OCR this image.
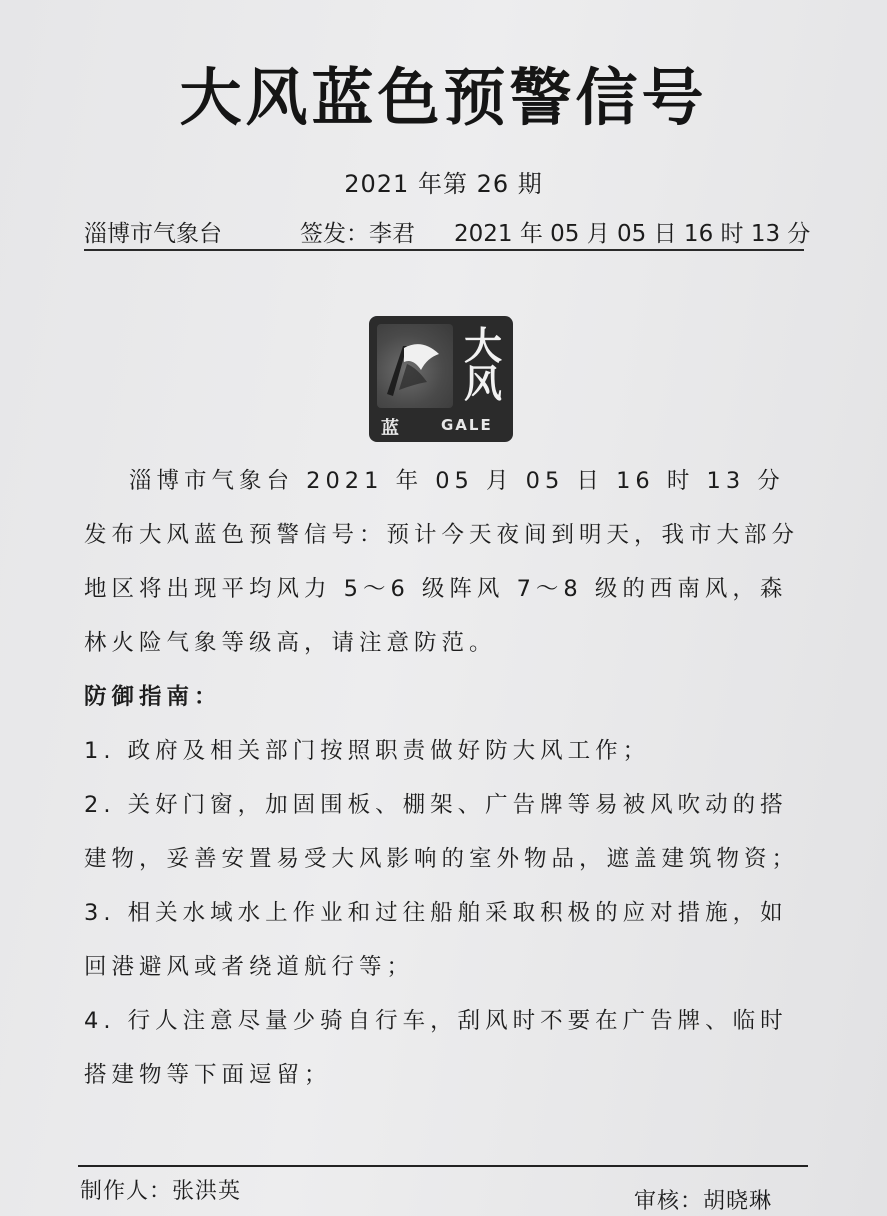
大风蓝色预警信号
2021 年第 26 期
淄博市气象台	签发：李君 2021 年 05 月 05 日 16 时 13 分
大
风
蓝	GALE

淄博市气象台 2021 年 05 月 05 日 16 时 13 分发布大风蓝色预警信号：预计今天夜间到明天，我市大部分地区将出现平均风力 5～6 级阵风 7～8 级的西南风，森林火险气象等级高，请注意防范。

防御指南：

1. 政府及相关部门按照职责做好防大风工作；

2. 关好门窗，加固围板、棚架、广告牌等易被风吹动的搭建物，妥善安置易受大风影响的室外物品，遮盖建筑物资；

3. 相关水域水上作业和过往船舶采取积极的应对措施，如回港避风或者绕道航行等；

4. 行人注意尽量少骑自行车，刮风时不要在广告牌、临时搭建物等下面逗留；

制作人：张洪英	审核：胡晓琳
